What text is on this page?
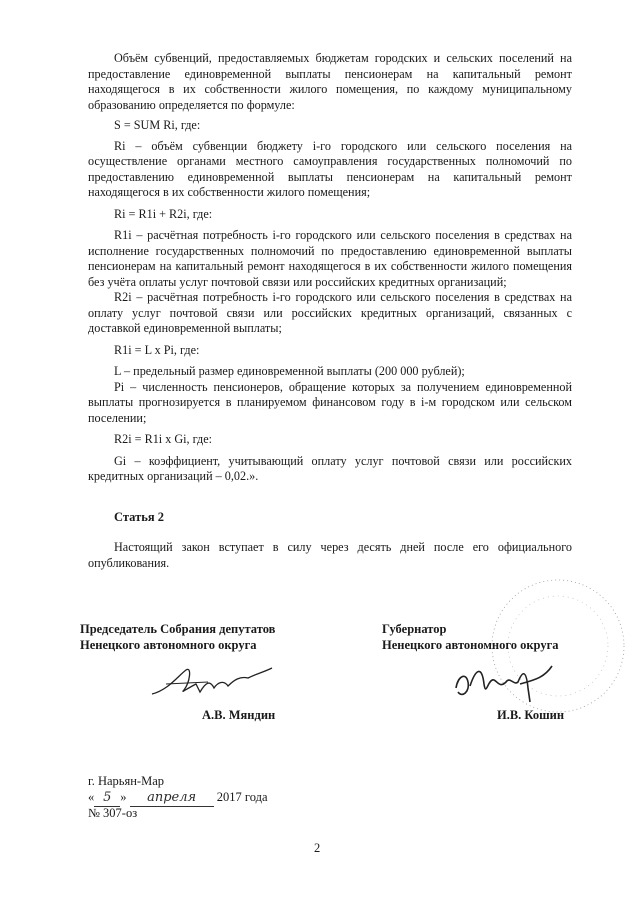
Объём субвенций, предоставляемых бюджетам городских и сельских поселений на предоставление единовременной выплаты пенсионерам на капитальный ремонт находящегося в их собственности жилого помещения, по каждому муниципальному образованию определяется по формуле:

S = SUM Ri, где:

Ri – объём субвенции бюджету i-го городского или сельского поселения на осуществление органами местного самоуправления государственных полномочий по предоставлению единовременной выплаты пенсионерам на капитальный ремонт находящегося в их собственности жилого помещения;

Ri = R1i + R2i, где:

R1i – расчётная потребность i-го городского или сельского поселения в средствах на исполнение государственных полномочий по предоставлению единовременной выплаты пенсионерам на капитальный ремонт находящегося в их собственности жилого помещения без учёта оплаты услуг почтовой связи или российских кредитных организаций;

R2i – расчётная потребность i-го городского или сельского поселения в средствах на оплату услуг почтовой связи или российских кредитных организаций, связанных с доставкой единовременной выплаты;

R1i = L x Pi, где:

L – предельный размер единовременной выплаты (200 000 рублей);

Pi – численность пенсионеров, обращение которых за получением единовременной выплаты прогнозируется в планируемом финансовом году в i-м городском или сельском поселении;

R2i = R1i x Gi, где:

Gi – коэффициент, учитывающий оплату услуг почтовой связи или российских кредитных организаций – 0,02.».

Статья 2

Настоящий закон вступает в силу через десять дней после его официального опубликования.

Председатель Собрания депутатов
Ненецкого автономного округа
А.В. Мяндин
Губернатор
Ненецкого автономного округа
И.В. Кошин
г. Нарьян-Мар
« 5 » апреля 2017 года
№ 307-оз
2
